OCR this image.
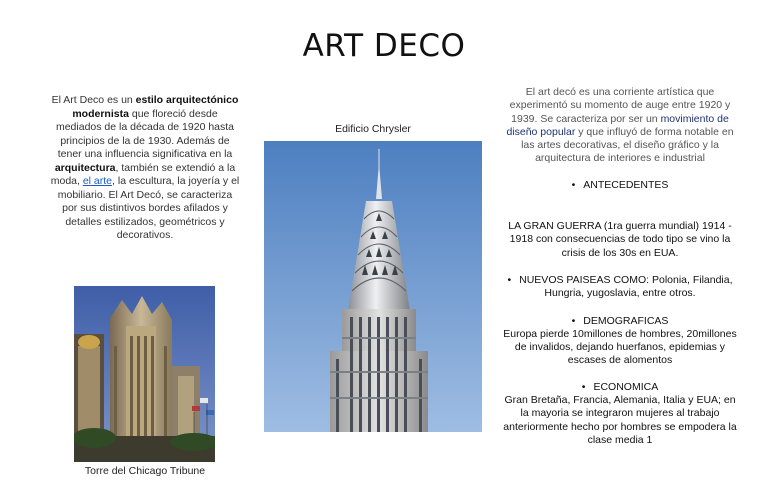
ART DECO
El Art Deco es un estilo arquitectónico modernista que floreció desde mediados de la década de 1920 hasta principios de la de 1930. Además de tener una influencia significativa en la arquitectura, también se extendió a la moda, el arte, la escultura, la joyería y el mobiliario. El Art Decó, se caracteriza por sus distintivos bordes afilados y detalles estilizados, geométricos y decorativos.
Torre del Chicago Tribune
Edificio Chrysler
El art decó es una corriente artística que experimentó su momento de auge entre 1920 y 1939. Se caracteriza por ser un movimiento de diseño popular y que influyó de forma notable en las artes decorativas, el diseño gráfico y la arquitectura de interiores e industrial
• ANTECEDENTES
LA GRAN GUERRA (1ra guerra mundial) 1914 - 1918 con consecuencias de todo tipo se vino la crisis de los 30s en EUA.
• NUEVOS PAISEAS COMO: Polonia, Filandia, Hungria, yugoslavia, entre otros.
• DEMOGRAFICAS
Europa pierde 10millones de hombres, 20millones de invalidos, dejando huerfanos, epidemias y escases de alomentos
• ECONOMICA
Gran Bretaña, Francia, Alemania, Italia y EUA; en la mayoria se integraron mujeres al trabajo anteriormente hecho por hombres se empodera la clase media 1
